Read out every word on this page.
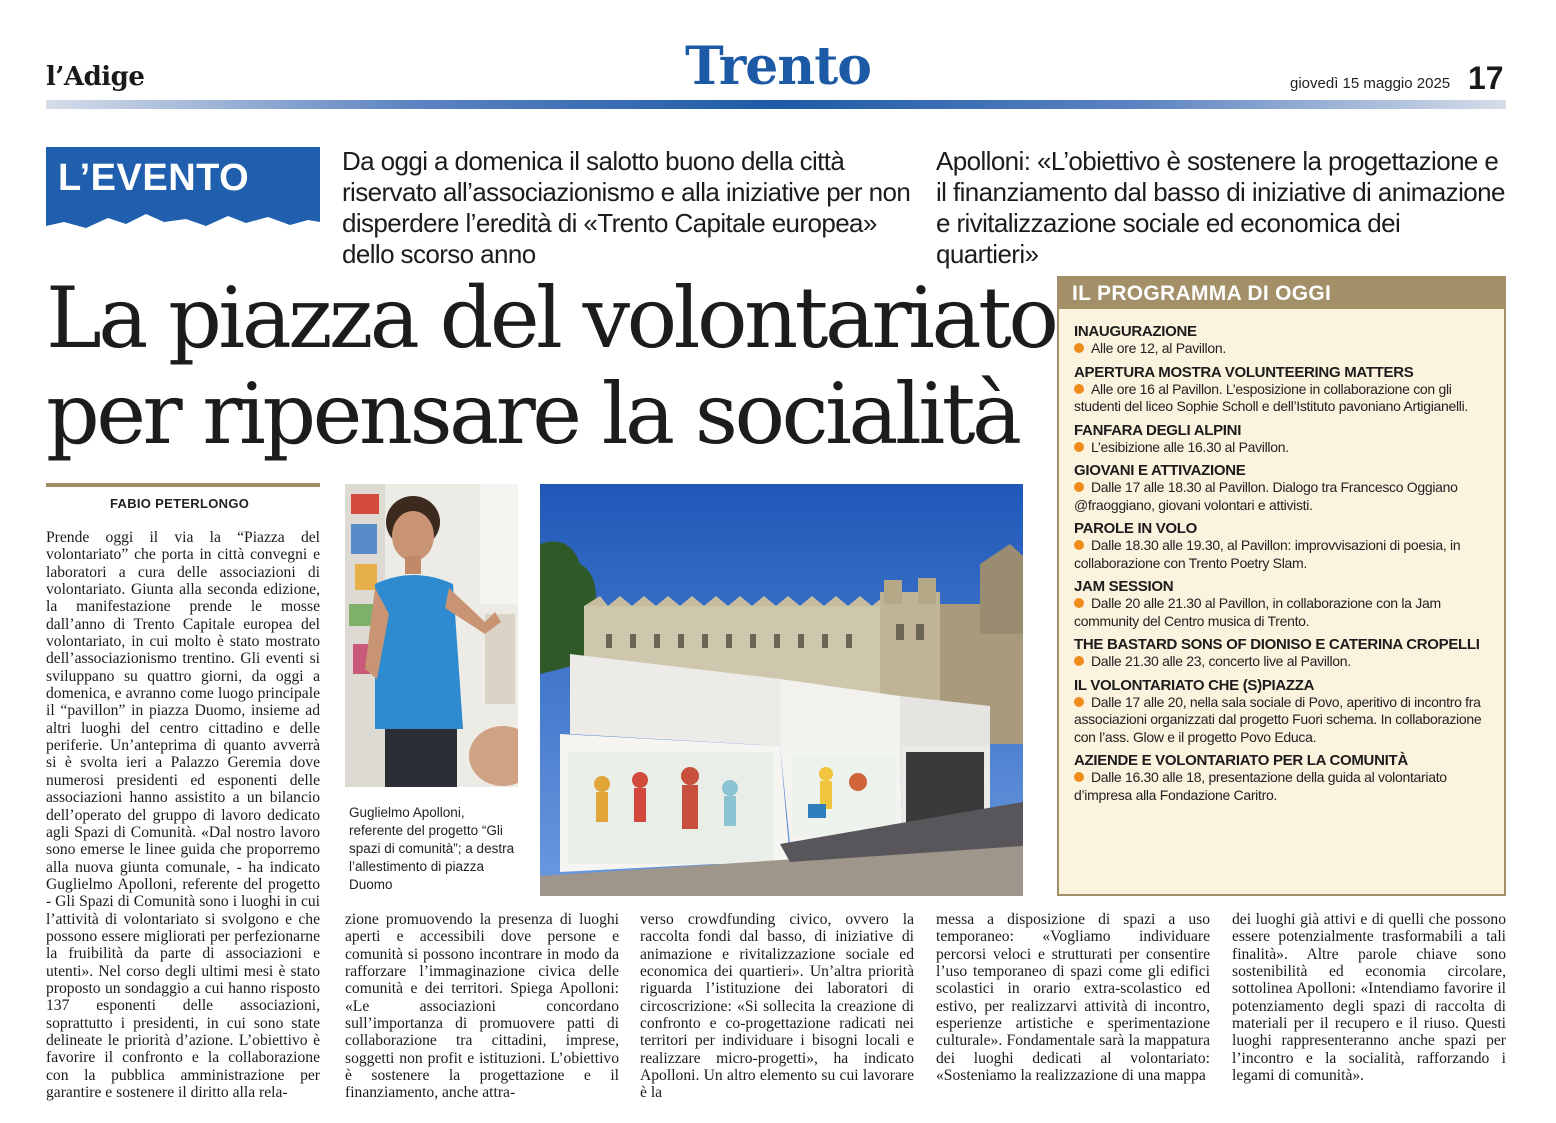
l’Adige	Trento	giovedì 15 maggio 2025 17
L’EVENTO	Da oggi a domenica il salotto buono della città riservato all’associazionismo e alla iniziative per non disperdere l’eredità di «Trento Capitale europea» dello scorso anno
Apolloni: «L’obiettivo è sostenere la progettazione e il finanziamento dal basso di iniziative di animazione e rivitalizzazione sociale ed economica dei quartieri»
La piazza del volontariato
per ripensare la socialità
FABIO PETERLONGO
Prende oggi il via la “Piazza del volontariato” che porta in città convegni e laboratori a cura delle associazioni di volontariato. Giunta alla seconda edizione, la manifestazione prende le mosse dall’anno di Trento Capitale europea del volontariato, in cui molto è stato mostrato dell’associazionismo trentino. Gli eventi si sviluppano su quattro giorni, da oggi a domenica, e avranno come luogo principale il “pavillon” in piazza Duomo, insieme ad altri luoghi del centro cittadino e delle periferie. Un’anteprima di quanto avverrà si è svolta ieri a Palazzo Geremia dove numerosi presidenti ed esponenti delle associazioni hanno assistito a un bilancio dell’operato del gruppo di lavoro dedicato agli Spazi di Comunità. «Dal nostro lavoro sono emerse le linee guida che proporremo alla nuova giunta comunale, - ha indicato Guglielmo Apolloni, referente del progetto - Gli Spazi di Comunità sono i luoghi in cui l’attività di volontariato si svolgono e che possono essere migliorati per perfezionarne la fruibilità da parte di associazioni e utenti». Nel corso degli ultimi mesi è stato proposto un sondaggio a cui hanno risposto 137 esponenti delle associazioni, soprattutto i presidenti, in cui sono state delineate le priorità d’azione. L’obiettivo è favorire il confronto e la collaborazione con la pubblica amministrazione per garantire e sostenere il diritto alla rela-
zione promuovendo la presenza di luoghi aperti e accessibili dove persone e comunità si possono incontrare in modo da rafforzare l’immaginazione civica delle comunità e dei territori. Spiega Apolloni: «Le associazioni concordano sull’importanza di promuovere patti di collaborazione tra cittadini, imprese, soggetti non profit e istituzioni. L’obiettivo è sostenere la progettazione e il finanziamento, anche attra-
verso crowdfunding civico, ovvero la raccolta fondi dal basso, di iniziative di animazione e rivitalizzazione sociale ed economica dei quartieri». Un’altra priorità riguarda l’istituzione dei laboratori di circoscrizione: «Si sollecita la creazione di confronto e co-progettazione radicati nei territori per individuare i bisogni locali e realizzare micro-progetti», ha indicato Apolloni. Un altro elemento su cui lavorare è la
messa a disposizione di spazi a uso temporaneo: «Vogliamo individuare percorsi veloci e strutturati per consentire l’uso temporaneo di spazi come gli edifici scolastici in orario extra-scolastico ed estivo, per realizzarvi attività di incontro, esperienze artistiche e sperimentazione culturale». Fondamentale sarà la mappatura dei luoghi dedicati al volontariato: «Sosteniamo la realizzazione di una mappa
dei luoghi già attivi e di quelli che possono essere potenzialmente trasformabili a tali finalità». Altre parole chiave sono sostenibilità ed economia circolare, sottolinea Apolloni: «Intendiamo favorire il potenziamento degli spazi di raccolta di materiali per il recupero e il riuso. Questi luoghi rappresenteranno anche spazi per l’incontro e la socialità, rafforzando i legami di comunità».
Guglielmo Apolloni, referente del progetto “Gli spazi di comunità”; a destra l’allestimento di piazza Duomo
IL PROGRAMMA DI OGGI
INAUGURAZIONE
Alle ore 12, al Pavillon.
APERTURA MOSTRA VOLUNTEERING MATTERS
Alle ore 16 al Pavillon. L’esposizione in collaborazione con gli studenti del liceo Sophie Scholl e dell’Istituto pavoniano Artigianelli.
FANFARA DEGLI ALPINI
L’esibizione alle 16.30 al Pavillon.
GIOVANI E ATTIVAZIONE
Dalle 17 alle 18.30 al Pavillon. Dialogo tra Francesco Oggiano @fraoggiano, giovani volontari e attivisti.
PAROLE IN VOLO
Dalle 18.30 alle 19.30, al Pavillon: improvvisazioni di poesia, in collaborazione con Trento Poetry Slam.
JAM SESSION
Dalle 20 alle 21.30 al Pavillon, in collaborazione con la Jam community del Centro musica di Trento.
THE BASTARD SONS OF DIONISO E CATERINA CROPELLI
Dalle 21.30 alle 23, concerto live al Pavillon.
IL VOLONTARIATO CHE (S)PIAZZA
Dalle 17 alle 20, nella sala sociale di Povo, aperitivo di incontro fra associazioni organizzati dal progetto Fuori schema. In collaborazione con l’ass. Glow e il progetto Povo Educa.
AZIENDE E VOLONTARIATO PER LA COMUNITÀ
Dalle 16.30 alle 18, presentazione della guida al volontariato d’impresa alla Fondazione Caritro.
